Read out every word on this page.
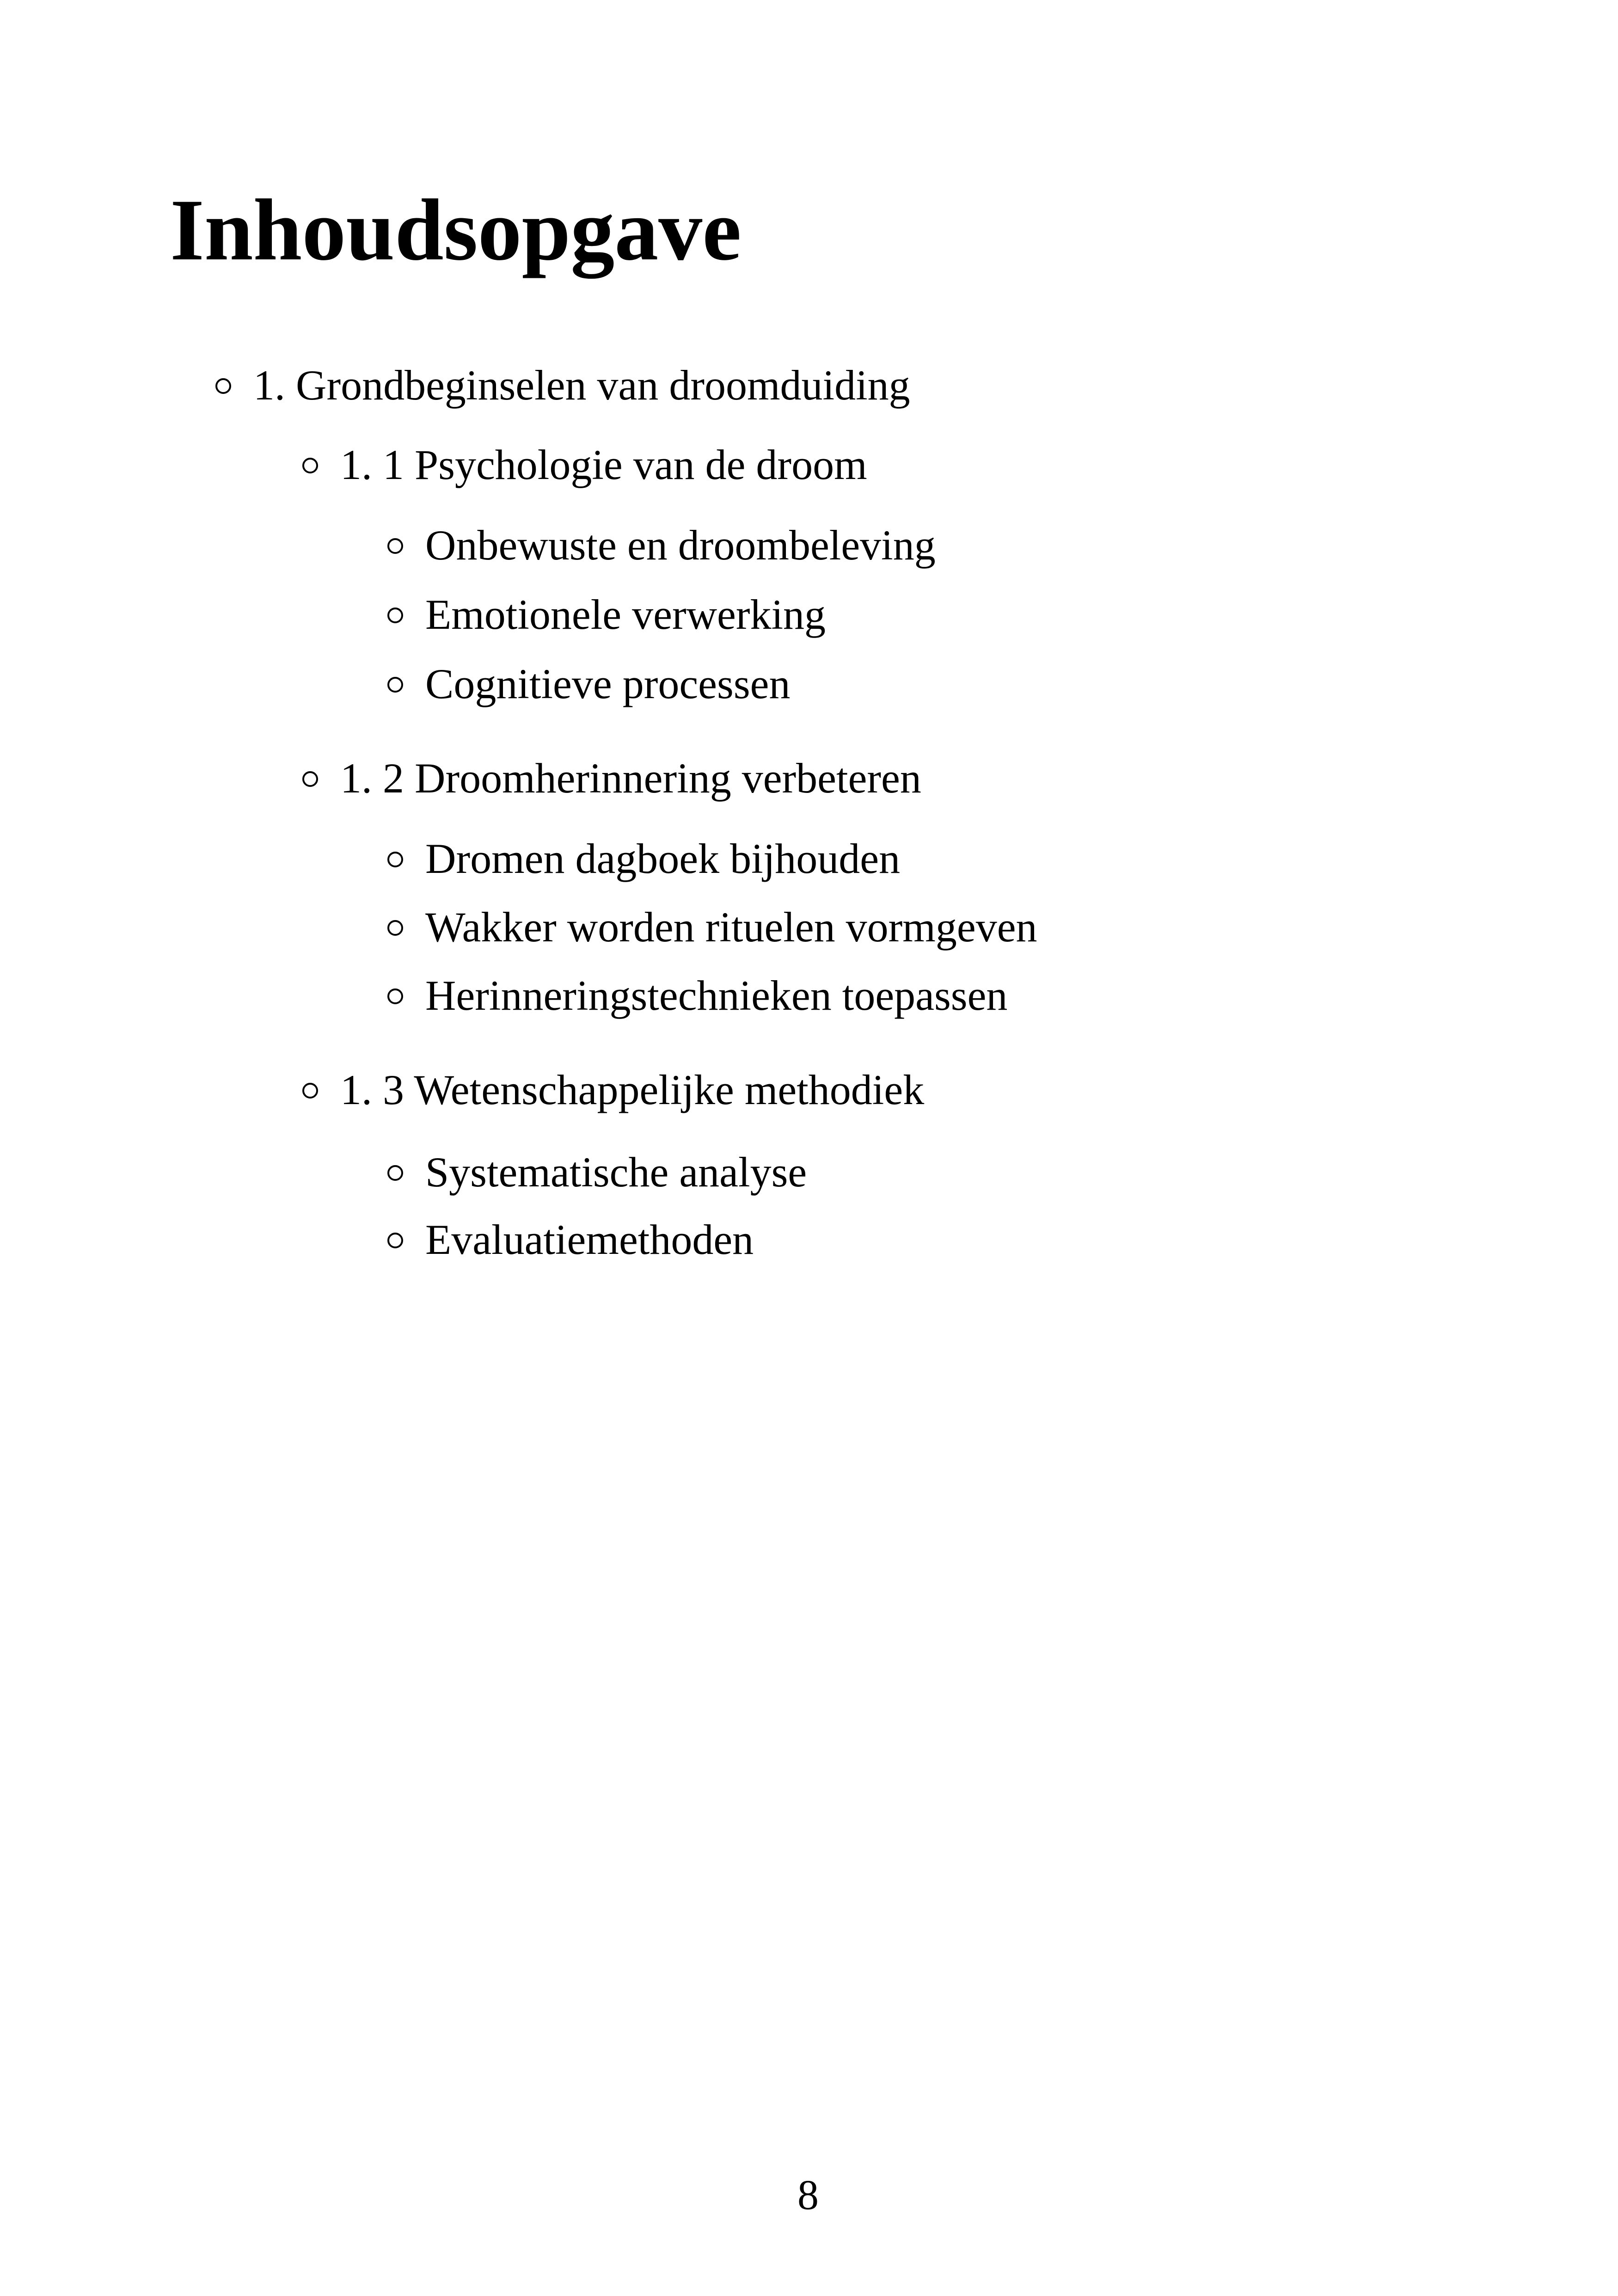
Inhoudsopgave
1. Grondbeginselen van droomduiding
1. 1 Psychologie van de droom
Onbewuste en droombeleving
Emotionele verwerking
Cognitieve processen
1. 2 Droomherinnering verbeteren
Dromen dagboek bijhouden
Wakker worden rituelen vormgeven
Herinneringstechnieken toepassen
1. 3 Wetenschappelijke methodiek
Systematische analyse
Evaluatiemethoden
8
